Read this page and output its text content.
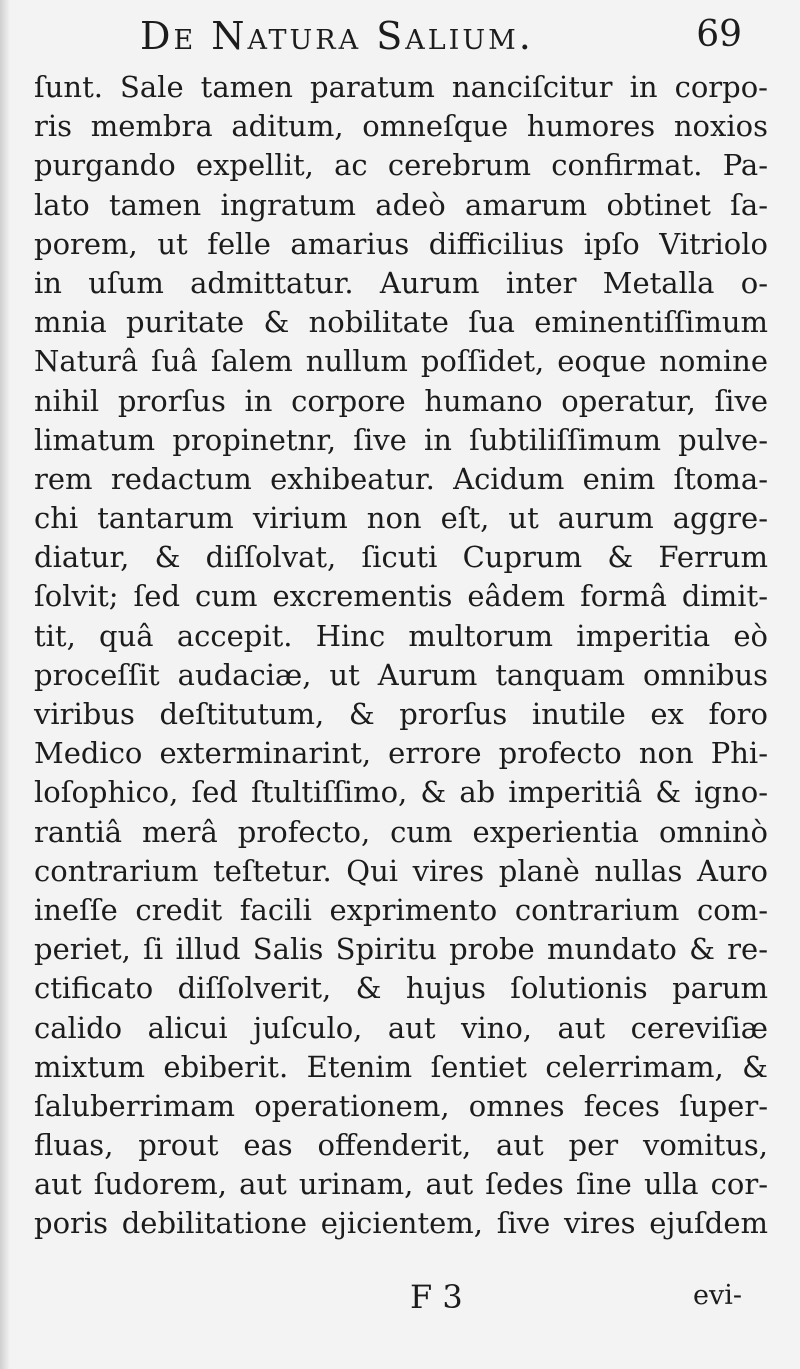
De Natura Salium.	69
ſunt. Sale tamen paratum nanciſcitur in corpo-
ris membra aditum, omneſque humores noxios
purgando expellit, ac cerebrum confirmat. Pa-
lato tamen ingratum adeò amarum obtinet ſa-
porem, ut felle amarius difficilius ipſo Vitriolo
in uſum admittatur. Aurum inter Metalla o-
mnia puritate & nobilitate ſua eminentiſſimum
Naturâ ſuâ ſalem nullum poſſidet, eoque nomine
nihil prorſus in corpore humano operatur, ſive
limatum propinetnr, ſive in ſubtiliſſimum pulve-
rem redactum exhibeatur. Acidum enim ſtoma-
chi tantarum virium non eſt, ut aurum aggre-
diatur, & diſſolvat, ſicuti Cuprum & Ferrum
ſolvit; ſed cum excrementis eâdem formâ dimit-
tit, quâ accepit. Hinc multorum imperitia eò
proceſſit audaciæ, ut Aurum tanquam omnibus
viribus deſtitutum, & prorſus inutile ex foro
Medico exterminarint, errore profecto non Phi-
loſophico, ſed ſtultiſſimo, & ab imperitiâ & igno-
rantiâ merâ profecto, cum experientia omninò
contrarium teſtetur. Qui vires planè nullas Auro
ineſſe credit facili exprimento contrarium com-
periet, ſi illud Salis Spiritu probe mundato & re-
ctificato diſſolverit, & hujus ſolutionis parum
calido alicui juſculo, aut vino, aut cereviſiæ
mixtum ebiberit. Etenim ſentiet celerrimam, &
ſaluberrimam operationem, omnes feces ſuper-
fluas, prout eas offenderit, aut per vomitus,
aut ſudorem, aut urinam, aut ſedes ſine ulla cor-
poris debilitatione ejicientem, ſive vires ejuſdem
F 3	evi-
